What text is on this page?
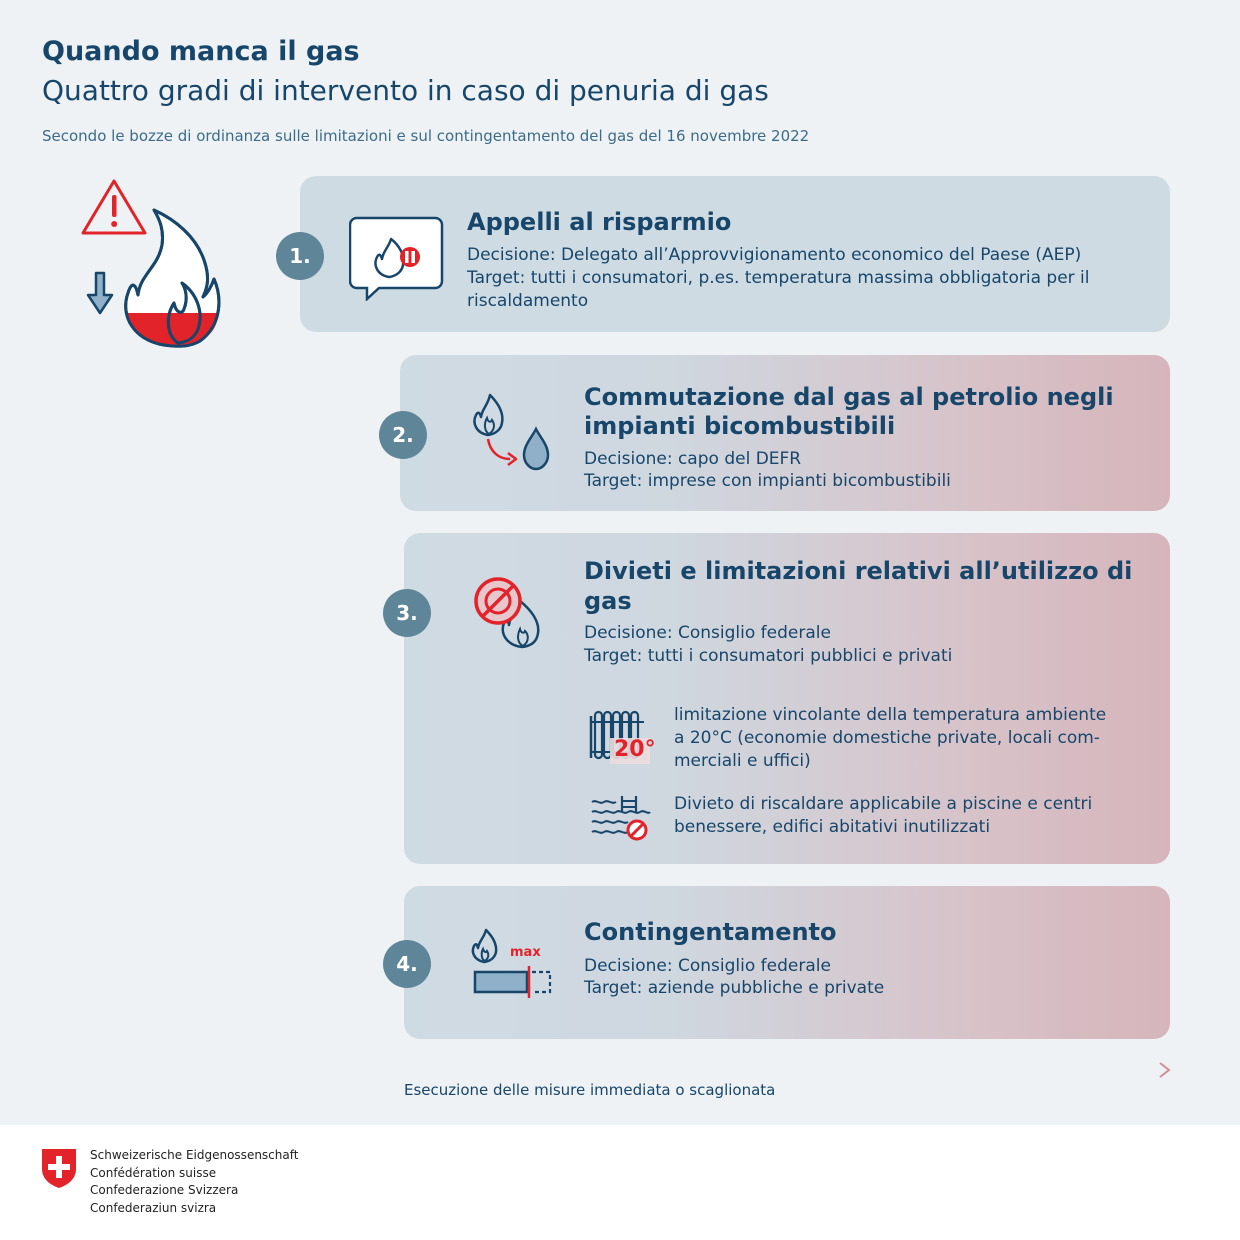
Quando manca il gas
Quattro gradi di intervento in caso di penuria di gas
Secondo le bozze di ordinanza sulle limitazioni e sul contingentamento del gas del 16 novembre 2022
1.
Appelli al risparmio
Decisione: Delegato all’Approvvigionamento economico del Paese (AEP)
Target: tutti i consumatori, p.es. temperatura massima obbligatoria per il
riscaldamento
2.
Commutazione dal gas al petrolio negli
impianti bicombustibili
Decisione: capo del DEFR
Target: imprese con impianti bicombustibili
3.
Divieti e limitazioni relativi all’utilizzo di
gas
Decisione: Consiglio federale
Target: tutti i consumatori pubblici e privati
20°
limitazione vincolante della temperatura ambiente
a 20°C (economie domestiche private, locali com-
merciali e uffici)
Divieto di riscaldare applicabile a piscine e centri
benessere, edifici abitativi inutilizzati
4.	max
Contingentamento
Decisione: Consiglio federale
Target: aziende pubbliche e private
Esecuzione delle misure immediata o scaglionata
Schweizerische Eidgenossenschaft
Confédération suisse
Confederazione Svizzera
Confederaziun svizra
